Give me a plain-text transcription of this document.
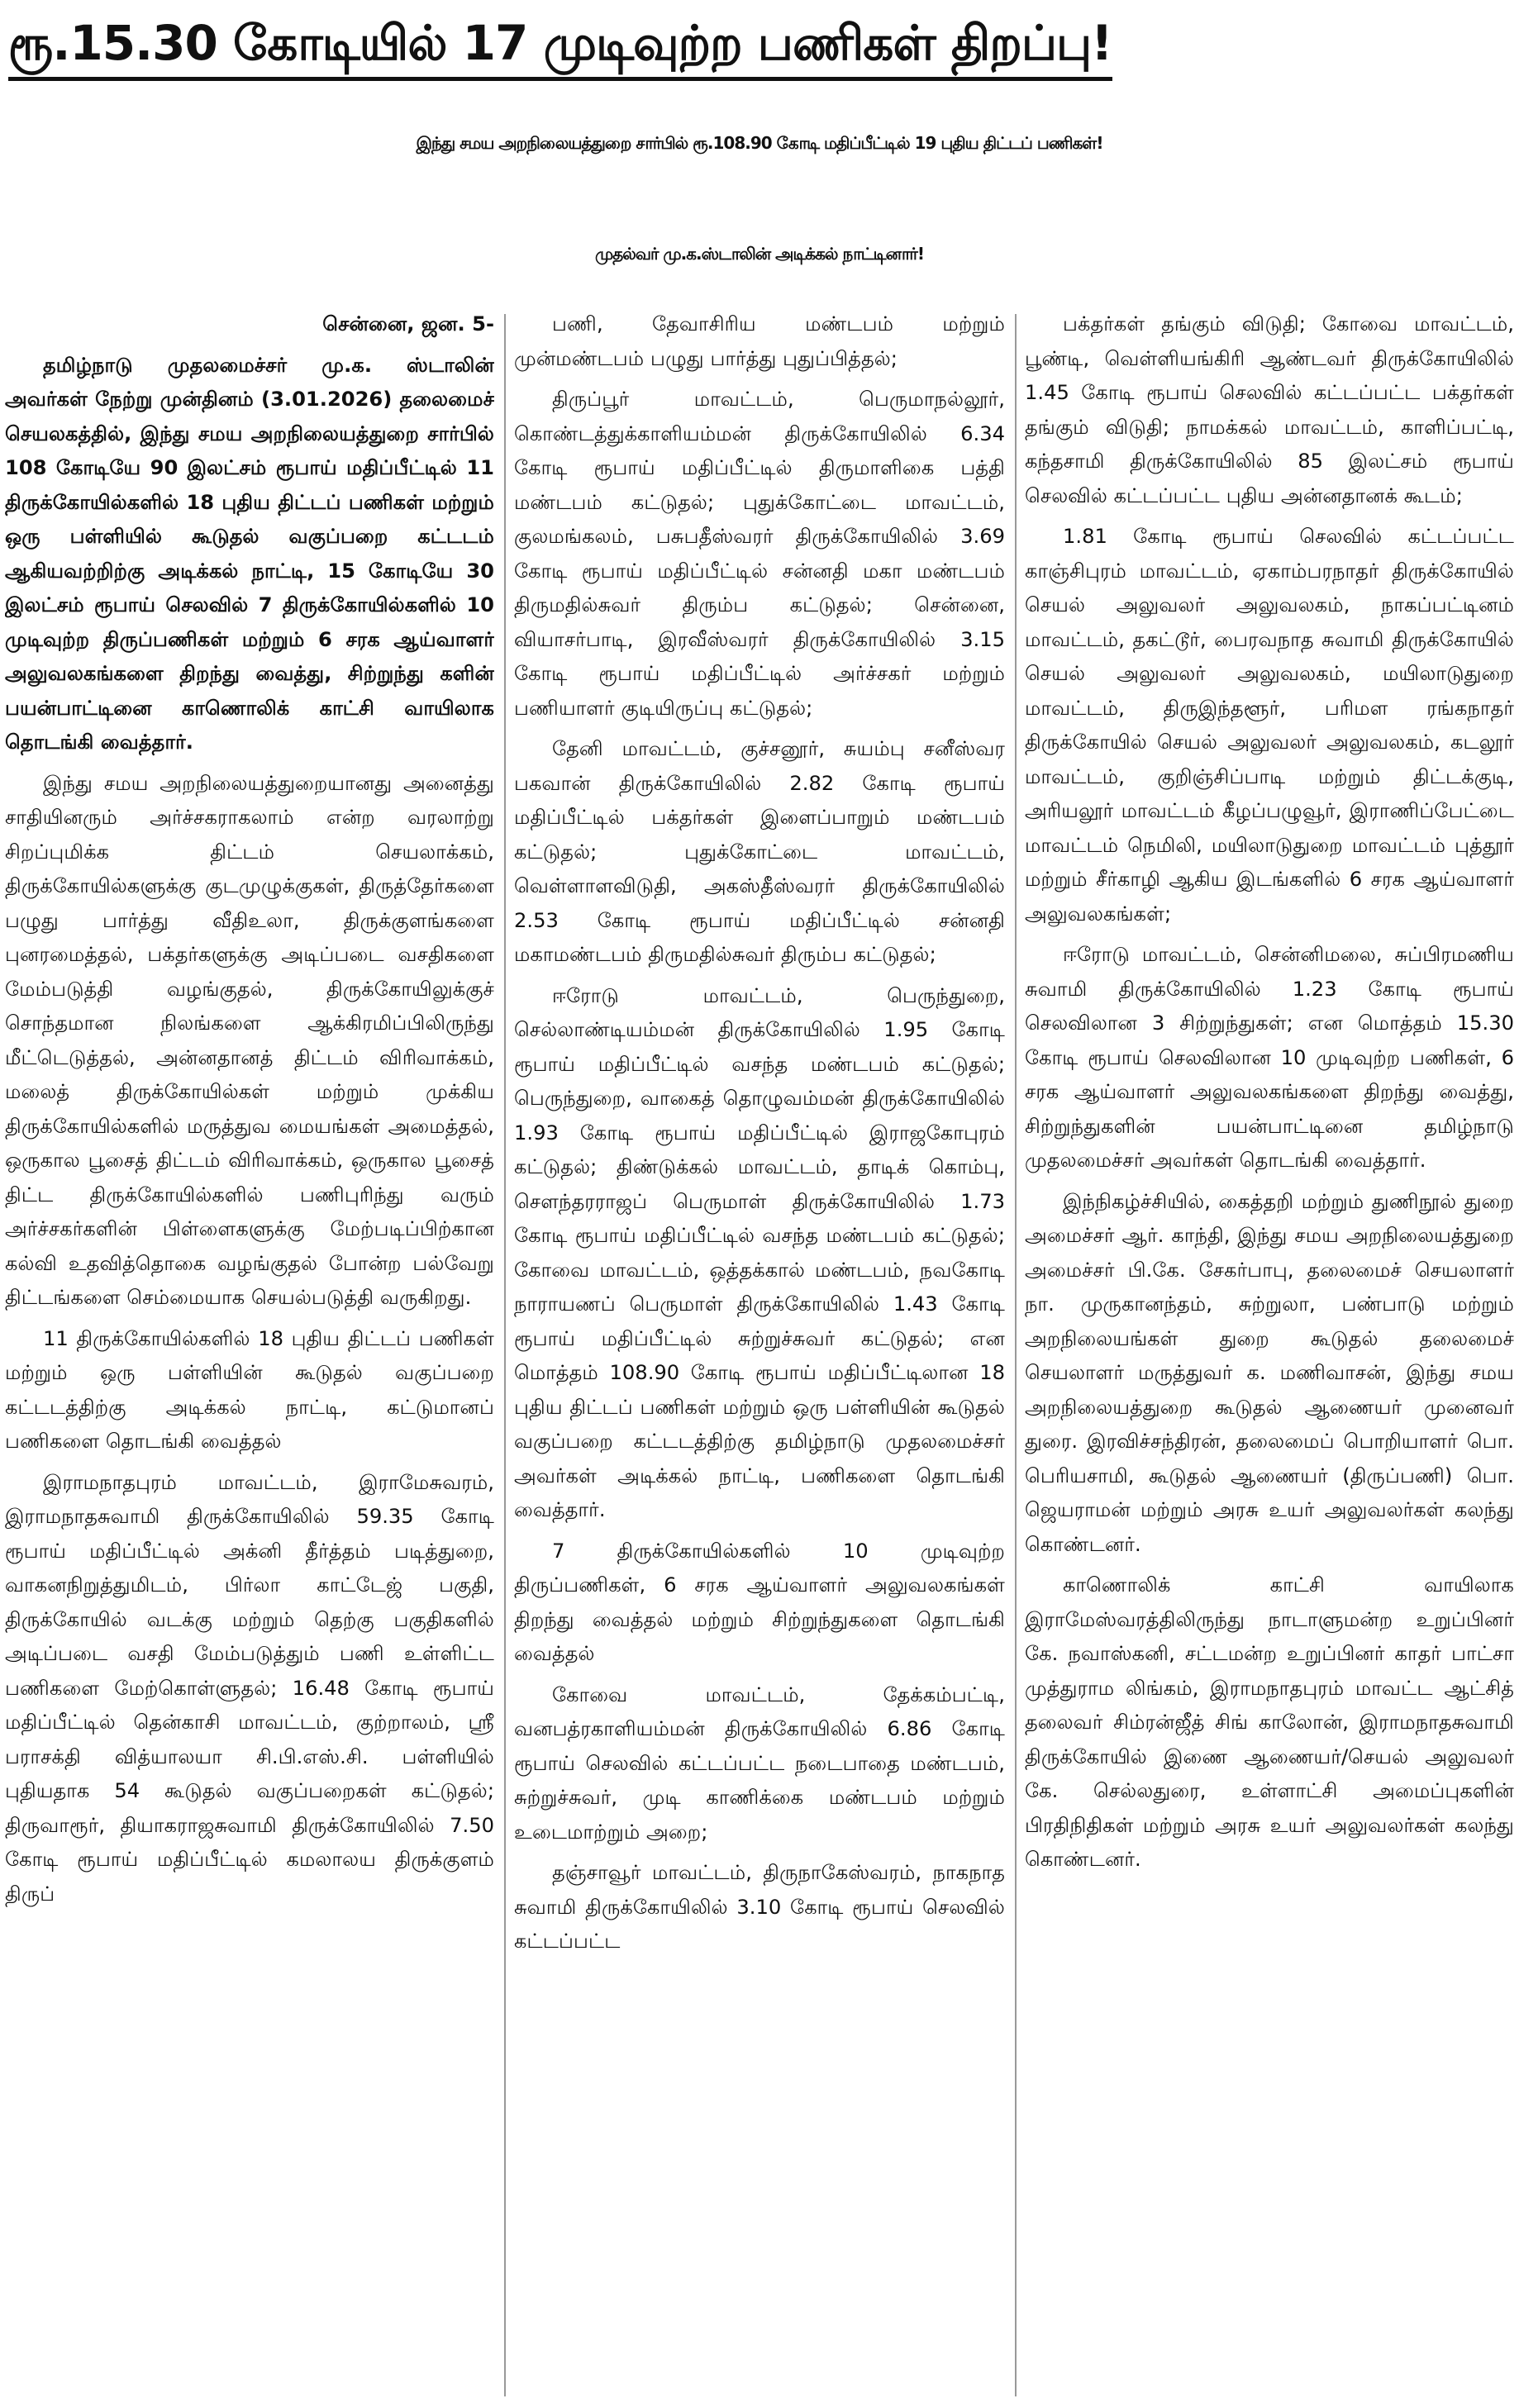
ரூ.15.30 கோடியில் 17 முடிவுற்ற பணிகள் திறப்பு!
இந்து சமய அறநிலையத்துறை சார்பில் ரூ.108.90 கோடி மதிப்பீட்டில் 19 புதிய திட்டப் பணிகள்!
முதல்வர் மு.க.ஸ்டாலின் அடிக்கல் நாட்டினார்!

சென்னை, ஜன. 5-

தமிழ்நாடு முதலமைச்சர் மு.க. ஸ்டாலின் அவர்கள் நேற்று முன்தினம் (3.01.2026) தலைமைச் செயலகத்தில், இந்து சமய அறநிலையத்துறை சார்பில் 108 கோடியே 90 இலட்சம் ரூபாய் மதிப்பீட்டில் 11 திருக்கோயில்களில் 18 புதிய திட்டப் பணிகள் மற்றும் ஒரு பள்ளியில் கூடுதல் வகுப்பறை கட்டடம் ஆகியவற்றிற்கு அடிக்கல் நாட்டி, 15 கோடியே 30 இலட்சம் ரூபாய் செலவில் 7 திருக்கோயில்களில் 10 முடிவுற்ற திருப்பணிகள் மற்றும் 6 சரக ஆய்வாளர் அலுவலகங்களை திறந்து வைத்து, சிற்றுந்து களின் பயன்பாட்டினை காணொலிக் காட்சி வாயிலாக தொடங்கி வைத்தார்.

இந்து சமய அறநிலையத்துறையானது அனைத்து சாதியினரும் அர்ச்சகராகலாம் என்ற வரலாற்று சிறப்புமிக்க திட்டம் செயலாக்கம், திருக்கோயில்களுக்கு குடமுழுக்குகள், திருத்தேர்களை பழுது பார்த்து வீதிஉலா, திருக்குளங்களை புனரமைத்தல், பக்தர்களுக்கு அடிப்படை வசதிகளை மேம்படுத்தி வழங்குதல், திருக்கோயிலுக்குச் சொந்தமான நிலங்களை ஆக்கிரமிப்பிலிருந்து மீட்டெடுத்தல், அன்னதானத் திட்டம் விரிவாக்கம், மலைத் திருக்கோயில்கள் மற்றும் முக்கிய திருக்கோயில்களில் மருத்துவ மையங்கள் அமைத்தல், ஒருகால பூசைத் திட்டம் விரிவாக்கம், ஒருகால பூசைத் திட்ட திருக்கோயில்களில் பணிபுரிந்து வரும் அர்ச்சகர்களின் பிள்ளைகளுக்கு மேற்படிப்பிற்கான கல்வி உதவித்தொகை வழங்குதல் போன்ற பல்வேறு திட்டங்களை செம்மையாக செயல்படுத்தி வருகிறது.

11 திருக்கோயில்களில் 18 புதிய திட்டப் பணிகள் மற்றும் ஒரு பள்ளியின் கூடுதல் வகுப்பறை கட்டடத்திற்கு அடிக்கல் நாட்டி, கட்டுமானப் பணிகளை தொடங்கி வைத்தல்

இராமநாதபுரம் மாவட்டம், இராமேசுவரம், இராமநாதசுவாமி திருக்கோயிலில் 59.35 கோடி ரூபாய் மதிப்பீட்டில் அக்னி தீர்த்தம் படித்துறை, வாகனநிறுத்துமிடம், பிர்லா காட்டேஜ் பகுதி, திருக்கோயில் வடக்கு மற்றும் தெற்கு பகுதிகளில் அடிப்படை வசதி மேம்படுத்தும் பணி உள்ளிட்ட பணிகளை மேற்கொள்ளுதல்; 16.48 கோடி ரூபாய் மதிப்பீட்டில் தென்காசி மாவட்டம், குற்றாலம், ஸ்ரீ பராசக்தி வித்யாலயா சி.பி.எஸ்.சி. பள்ளியில் புதியதாக 54 கூடுதல் வகுப்பறைகள் கட்டுதல்; திருவாரூர், தியாகராஜசுவாமி திருக்கோயிலில் 7.50 கோடி ரூபாய் மதிப்பீட்டில் கமலாலய திருக்குளம் திருப்

பணி, தேவாசிரிய மண்டபம் மற்றும் முன்மண்டபம் பழுது பார்த்து புதுப்பித்தல்;

திருப்பூர் மாவட்டம், பெருமாநல்லூர், கொண்டத்துக்காளியம்மன் திருக்கோயிலில் 6.34 கோடி ரூபாய் மதிப்பீட்டில் திருமாளிகை பத்தி மண்டபம் கட்டுதல்; புதுக்கோட்டை மாவட்டம், குலமங்கலம், பசுபதீஸ்வரர் திருக்கோயிலில் 3.69 கோடி ரூபாய் மதிப்பீட்டில் சன்னதி மகா மண்டபம் திருமதில்சுவர் திரும்ப கட்டுதல்; சென்னை, வியாசர்பாடி, இரவீஸ்வரர் திருக்கோயிலில் 3.15 கோடி ரூபாய் மதிப்பீட்டில் அர்ச்சகர் மற்றும் பணியாளர் குடியிருப்பு கட்டுதல்;

தேனி மாவட்டம், குச்சனூர், சுயம்பு சனீஸ்வர பகவான் திருக்கோயிலில் 2.82 கோடி ரூபாய் மதிப்பீட்டில் பக்தர்கள் இளைப்பாறும் மண்டபம் கட்டுதல்; புதுக்கோட்டை மாவட்டம், வெள்ளாளவிடுதி, அகஸ்தீஸ்வரர் திருக்கோயிலில் 2.53 கோடி ரூபாய் மதிப்பீட்டில் சன்னதி மகாமண்டபம் திருமதில்சுவர் திரும்ப கட்டுதல்;

ஈரோடு மாவட்டம், பெருந்துறை, செல்லாண்டியம்மன் திருக்கோயிலில் 1.95 கோடி ரூபாய் மதிப்பீட்டில் வசந்த மண்டபம் கட்டுதல்; பெருந்துறை, வாகைத் தொழுவம்மன் திருக்கோயிலில் 1.93 கோடி ரூபாய் மதிப்பீட்டில் இராஜகோபுரம் கட்டுதல்; திண்டுக்கல் மாவட்டம், தாடிக் கொம்பு, சௌந்தரராஜப் பெருமாள் திருக்கோயிலில் 1.73 கோடி ரூபாய் மதிப்பீட்டில் வசந்த மண்டபம் கட்டுதல்; கோவை மாவட்டம், ஒத்தக்கால் மண்டபம், நவகோடி நாராயணப் பெருமாள் திருக்கோயிலில் 1.43 கோடி ரூபாய் மதிப்பீட்டில் சுற்றுச்சுவர் கட்டுதல்; என மொத்தம் 108.90 கோடி ரூபாய் மதிப்பீட்டிலான 18 புதிய திட்டப் பணிகள் மற்றும் ஒரு பள்ளியின் கூடுதல் வகுப்பறை கட்டடத்திற்கு தமிழ்நாடு முதலமைச்சர் அவர்கள் அடிக்கல் நாட்டி, பணிகளை தொடங்கி வைத்தார்.

7 திருக்கோயில்களில் 10 முடிவுற்ற திருப்பணிகள், 6 சரக ஆய்வாளர் அலுவலகங்கள் திறந்து வைத்தல் மற்றும் சிற்றுந்துகளை தொடங்கி வைத்தல்

கோவை மாவட்டம், தேக்கம்பட்டி, வனபத்ரகாளியம்மன் திருக்கோயிலில் 6.86 கோடி ரூபாய் செலவில் கட்டப்பட்ட நடைபாதை மண்டபம், சுற்றுச்சுவர், முடி காணிக்கை மண்டபம் மற்றும் உடைமாற்றும் அறை;

தஞ்சாவூர் மாவட்டம், திருநாகேஸ்வரம், நாகநாத சுவாமி திருக்கோயிலில் 3.10 கோடி ரூபாய் செலவில் கட்டப்பட்ட

பக்தர்கள் தங்கும் விடுதி; கோவை மாவட்டம், பூண்டி, வெள்ளியங்கிரி ஆண்டவர் திருக்கோயிலில் 1.45 கோடி ரூபாய் செலவில் கட்டப்பட்ட பக்தர்கள் தங்கும் விடுதி; நாமக்கல் மாவட்டம், காளிப்பட்டி, கந்தசாமி திருக்கோயிலில் 85 இலட்சம் ரூபாய் செலவில் கட்டப்பட்ட புதிய அன்னதானக் கூடம்;

1.81 கோடி ரூபாய் செலவில் கட்டப்பட்ட காஞ்சிபுரம் மாவட்டம், ஏகாம்பரநாதர் திருக்கோயில் செயல் அலுவலர் அலுவலகம், நாகப்பட்டினம் மாவட்டம், தகட்டூர், பைரவநாத சுவாமி திருக்கோயில் செயல் அலுவலர் அலுவலகம், மயிலாடுதுறை மாவட்டம், திருஇந்தளூர், பரிமள ரங்கநாதர் திருக்கோயில் செயல் அலுவலர் அலுவலகம், கடலூர் மாவட்டம், குறிஞ்சிப்பாடி மற்றும் திட்டக்குடி, அரியலூர் மாவட்டம் கீழப்பழுவூர், இராணிப்பேட்டை மாவட்டம் நெமிலி, மயிலாடுதுறை மாவட்டம் புத்தூர் மற்றும் சீர்காழி ஆகிய இடங்களில் 6 சரக ஆய்வாளர் அலுவலகங்கள்;

ஈரோடு மாவட்டம், சென்னிமலை, சுப்பிரமணிய சுவாமி திருக்கோயிலில் 1.23 கோடி ரூபாய் செலவிலான 3 சிற்றுந்துகள்; என மொத்தம் 15.30 கோடி ரூபாய் செலவிலான 10 முடிவுற்ற பணிகள், 6 சரக ஆய்வாளர் அலுவலகங்களை திறந்து வைத்து, சிற்றுந்துகளின் பயன்பாட்டினை தமிழ்நாடு முதலமைச்சர் அவர்கள் தொடங்கி வைத்தார்.

இந்நிகழ்ச்சியில், கைத்தறி மற்றும் துணிநூல் துறை அமைச்சர் ஆர். காந்தி, இந்து சமய அறநிலையத்துறை அமைச்சர் பி.கே. சேகர்பாபு, தலைமைச் செயலாளர் நா. முருகானந்தம், சுற்றுலா, பண்பாடு மற்றும் அறநிலையங்கள் துறை கூடுதல் தலைமைச் செயலாளர் மருத்துவர் க. மணிவாசன், இந்து சமய அறநிலையத்துறை கூடுதல் ஆணையர் முனைவர் துரை. இரவிச்சந்திரன், தலைமைப் பொறியாளர் பொ. பெரியசாமி, கூடுதல் ஆணையர் (திருப்பணி) பொ. ஜெயராமன் மற்றும் அரசு உயர் அலுவலர்கள் கலந்து கொண்டனர்.

காணொலிக் காட்சி வாயிலாக இராமேஸ்வரத்திலிருந்து நாடாளுமன்ற உறுப்பினர் கே. நவாஸ்கனி, சட்டமன்ற உறுப்பினர் காதர் பாட்சா முத்துராம லிங்கம், இராமநாதபுரம் மாவட்ட ஆட்சித் தலைவர் சிம்ரன்ஜீத் சிங் காலோன், இராமநாதசுவாமி திருக்கோயில் இணை ஆணையர்/செயல் அலுவலர் கே. செல்லதுரை, உள்ளாட்சி அமைப்புகளின் பிரதிநிதிகள் மற்றும் அரசு உயர் அலுவலர்கள் கலந்து கொண்டனர்.
